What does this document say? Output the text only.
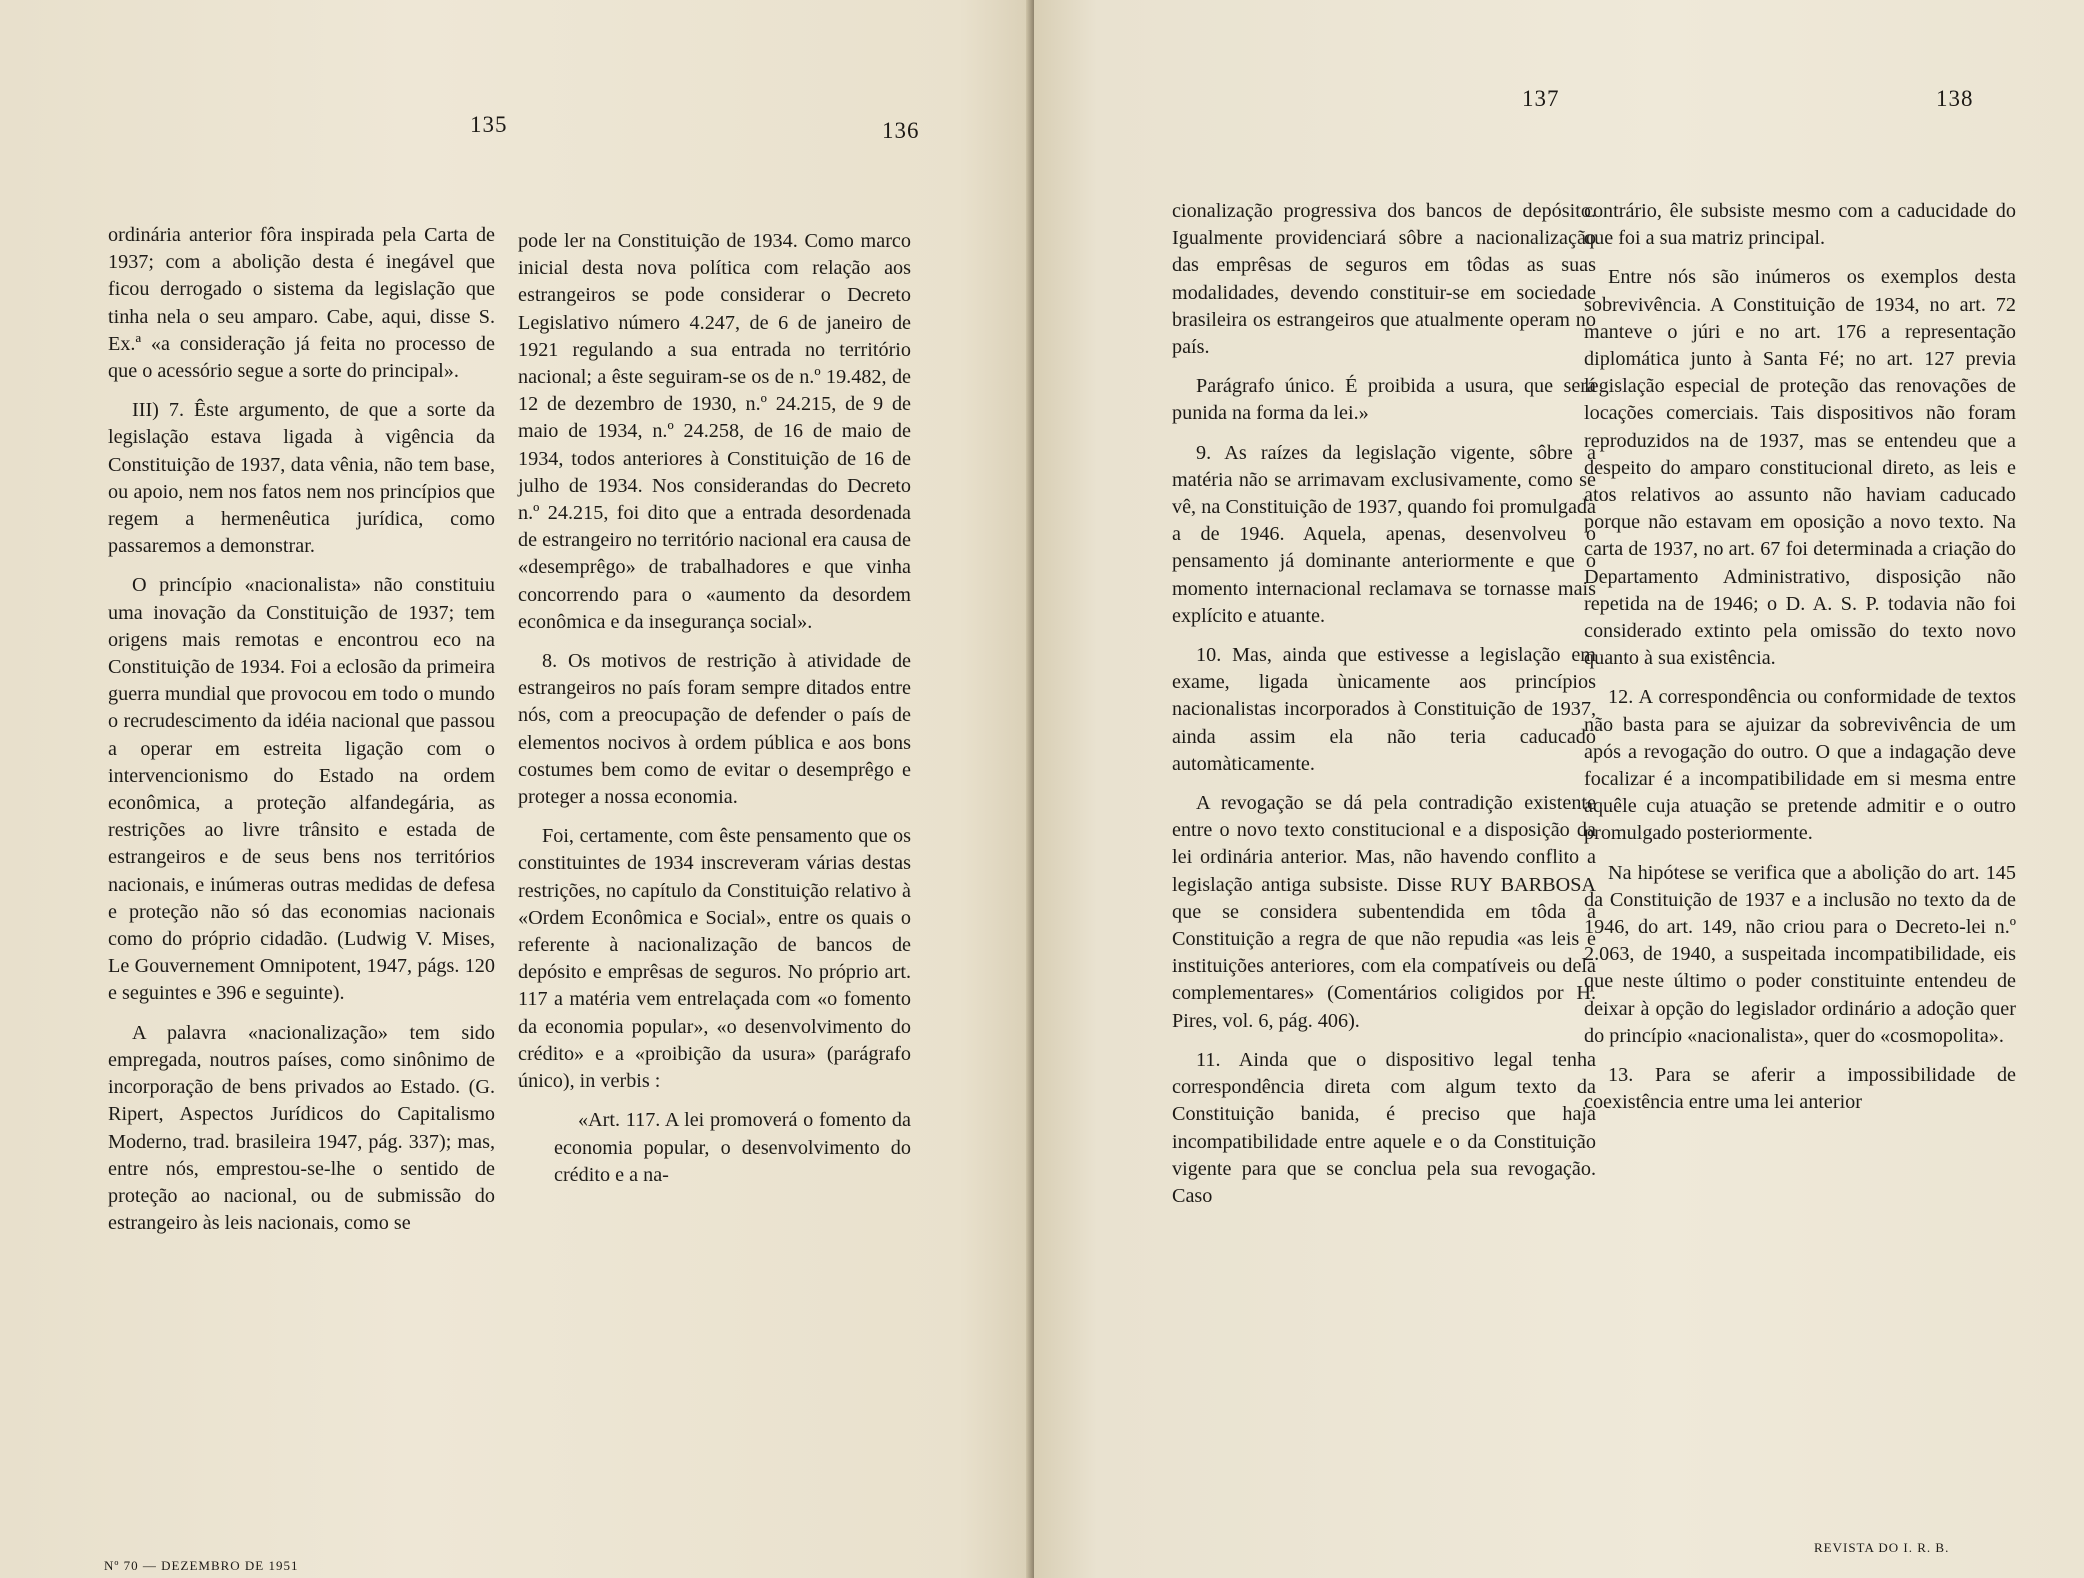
135	136

ordinária anterior fôra inspirada pela Carta de 1937; com a abolição desta é inegável que ficou derrogado o sistema da legislação que tinha nela o seu amparo. Cabe, aqui, disse S. Ex.ª «a consideração já feita no processo de que o acessório segue a sorte do principal».

III) 7. Êste argumento, de que a sorte da legislação estava ligada à vigência da Constituição de 1937, data vênia, não tem base, ou apoio, nem nos fatos nem nos princípios que regem a hermenêutica jurídica, como passaremos a demonstrar.

O princípio «nacionalista» não constituiu uma inovação da Constituição de 1937; tem origens mais remotas e encontrou eco na Constituição de 1934. Foi a eclosão da primeira guerra mundial que provocou em todo o mundo o recrudescimento da idéia nacional que passou a operar em estreita ligação com o intervencionismo do Estado na ordem econômica, a proteção alfandegária, as restrições ao livre trânsito e estada de estrangeiros e de seus bens nos territórios nacionais, e inúmeras outras medidas de defesa e proteção não só das economias nacionais como do próprio cidadão. (Ludwig V. Mises, Le Gouvernement Omnipotent, 1947, págs. 120 e seguintes e 396 e seguinte).

A palavra «nacionalização» tem sido empregada, noutros países, como sinônimo de incorporação de bens privados ao Estado. (G. Ripert, Aspectos Jurídicos do Capitalismo Moderno, trad. brasileira 1947, pág. 337); mas, entre nós, emprestou-se-lhe o sentido de proteção ao nacional, ou de submissão do estrangeiro às leis nacionais, como se

pode ler na Constituição de 1934. Como marco inicial desta nova política com relação aos estrangeiros se pode considerar o Decreto Legislativo número 4.247, de 6 de janeiro de 1921 regulando a sua entrada no território nacional; a êste seguiram-se os de n.º 19.482, de 12 de dezembro de 1930, n.º 24.215, de 9 de maio de 1934, n.º 24.258, de 16 de maio de 1934, todos anteriores à Constituição de 16 de julho de 1934. Nos considerandas do Decreto n.º 24.215, foi dito que a entrada desordenada de estrangeiro no território nacional era causa de «desemprêgo» de trabalhadores e que vinha concorrendo para o «aumento da desordem econômica e da insegurança social».

8. Os motivos de restrição à atividade de estrangeiros no país foram sempre ditados entre nós, com a preocupação de defender o país de elementos nocivos à ordem pública e aos bons costumes bem como de evitar o desemprêgo e proteger a nossa economia.

Foi, certamente, com êste pensamento que os constituintes de 1934 inscreveram várias destas restrições, no capítulo da Constituição relativo à «Ordem Econômica e Social», entre os quais o referente à nacionalização de bancos de depósito e emprêsas de seguros. No próprio art. 117 a matéria vem entrelaçada com «o fomento da economia popular», «o desenvolvimento do crédito» e a «proibição da usura» (parágrafo único), in verbis :

«Art. 117. A lei promoverá o fomento da economia popular, o desenvolvimento do crédito e a na-

Nº 70 — DEZEMBRO DE 1951
137	138

cionalização progressiva dos bancos de depósito. Igualmente providenciará sôbre a nacionalização das emprêsas de seguros em tôdas as suas modalidades, devendo constituir-se em sociedade brasileira os estrangeiros que atualmente operam no país.

Parágrafo único. É proibida a usura, que será punida na forma da lei.»

9. As raízes da legislação vigente, sôbre a matéria não se arrimavam exclusivamente, como se vê, na Constituição de 1937, quando foi promulgada a de 1946. Aquela, apenas, desenvolveu o pensamento já dominante anteriormente e que o momento internacional reclamava se tornasse mais explícito e atuante.

10. Mas, ainda que estivesse a legislação em exame, ligada ùnicamente aos princípios nacionalistas incorporados à Constituição de 1937, ainda assim ela não teria caducado automàticamente.

A revogação se dá pela contradição existente entre o novo texto constitucional e a disposição da lei ordinária anterior. Mas, não havendo conflito a legislação antiga subsiste. Disse RUY BARBOSA que se considera subentendida em tôda a Constituição a regra de que não repudia «as leis e instituições anteriores, com ela compatíveis ou dela complementares» (Comentários coligidos por H. Pires, vol. 6, pág. 406).

11. Ainda que o dispositivo legal tenha correspondência direta com algum texto da Constituição banida, é preciso que haja incompatibilidade entre aquele e o da Constituição vigente para que se conclua pela sua revogação. Caso

contrário, êle subsiste mesmo com a caducidade do que foi a sua matriz principal.

Entre nós são inúmeros os exemplos desta sobrevivência. A Constituição de 1934, no art. 72 manteve o júri e no art. 176 a representação diplomática junto à Santa Fé; no art. 127 previa legislação especial de proteção das renovações de locações comerciais. Tais dispositivos não foram reproduzidos na de 1937, mas se entendeu que a despeito do amparo constitucional direto, as leis e atos relativos ao assunto não haviam caducado porque não estavam em oposição a novo texto. Na carta de 1937, no art. 67 foi determinada a criação do Departamento Administrativo, disposição não repetida na de 1946; o D. A. S. P. todavia não foi considerado extinto pela omissão do texto novo quanto à sua existência.

12. A correspondência ou conformidade de textos não basta para se ajuizar da sobrevivência de um após a revogação do outro. O que a indagação deve focalizar é a incompatibilidade em si mesma entre aquêle cuja atuação se pretende admitir e o outro promulgado posteriormente.

Na hipótese se verifica que a abolição do art. 145 da Constituição de 1937 e a inclusão no texto da de 1946, do art. 149, não criou para o Decreto-lei n.º 2.063, de 1940, a suspeitada incompatibilidade, eis que neste último o poder constituinte entendeu de deixar à opção do legislador ordinário a adoção quer do princípio «nacionalista», quer do «cosmopolita».

13. Para se aferir a impossibilidade de coexistência entre uma lei anterior

REVISTA DO I. R. B.
